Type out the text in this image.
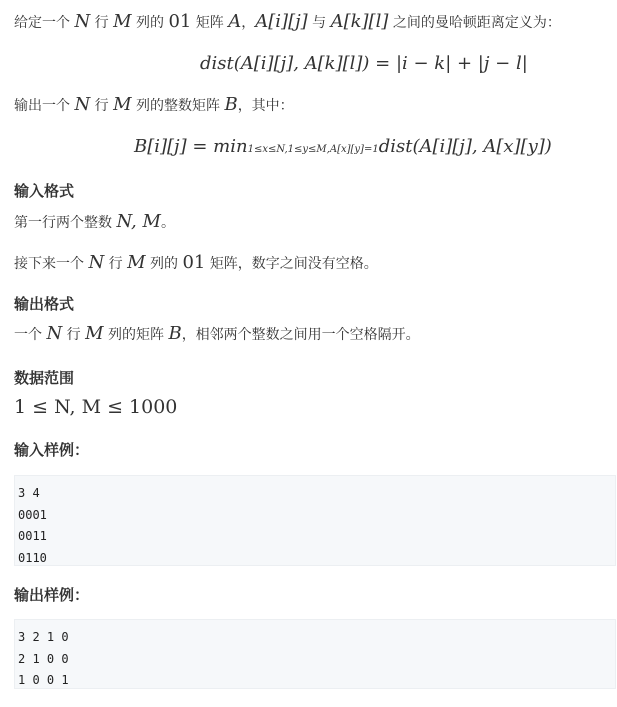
给定一个 N 行 M 列的 01 矩阵 A，A[i][j] 与 A[k][l] 之间的曼哈顿距离定义为：
dist(A[i][j], A[k][l]) = |i − k| + |j − l|
输出一个 N 行 M 列的整数矩阵 B，其中：
B[i][j] = min1≤x≤N,1≤y≤M,A[x][y]=1dist(A[i][j], A[x][y])
输入格式
第一行两个整数 N, M。
接下来一个 N 行 M 列的 01 矩阵，数字之间没有空格。
输出格式
一个 N 行 M 列的矩阵 B，相邻两个整数之间用一个空格隔开。
数据范围
1 ≤ N, M ≤ 1000
输入样例：
3 4
0001
0011
0110
输出样例：
3 2 1 0
2 1 0 0
1 0 0 1
